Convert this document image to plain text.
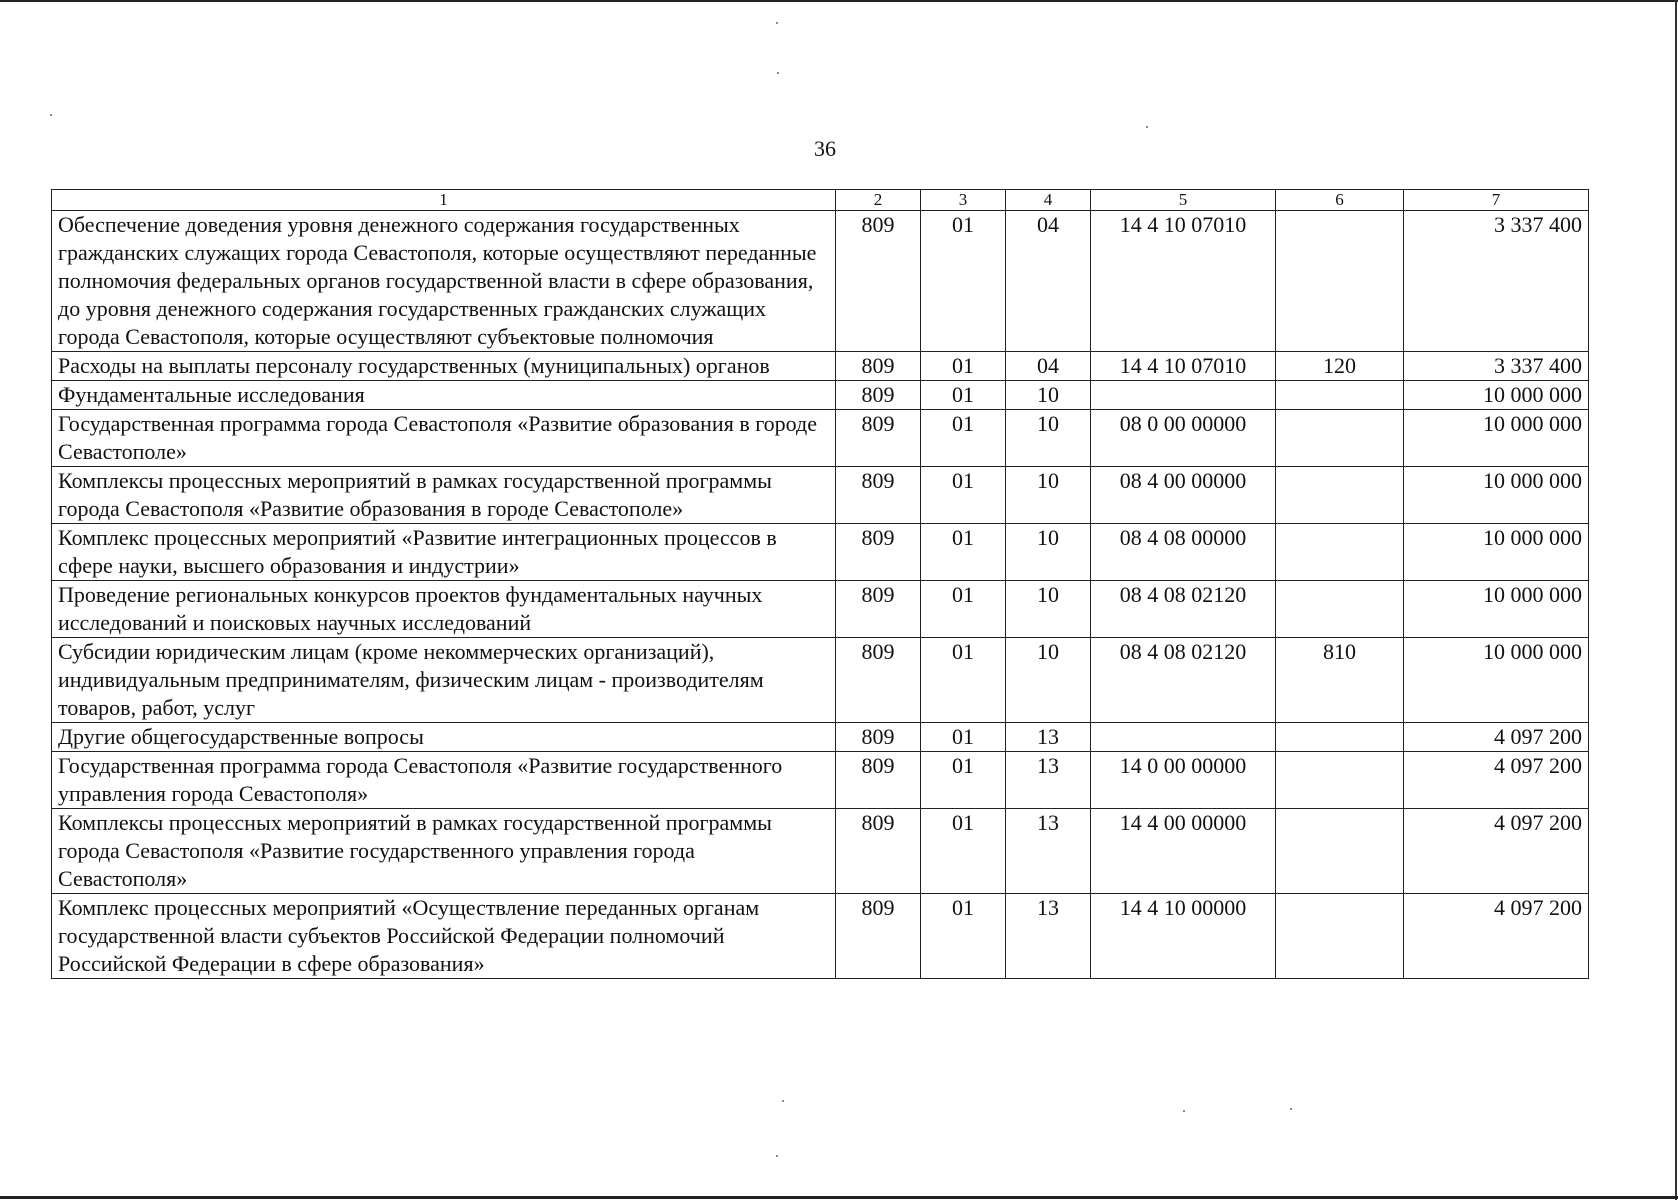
36
1	2	3	4	5	6	7
Обеспечение доведения уровня денежного содержания государственных гражданских служащих города Севастополя, которые осуществляют переданные полномочия федеральных органов государственной власти в сфере образования, до уровня денежного содержания государственных гражданских служащих города Севастополя, которые осуществляют субъектовые полномочия	809	01	04	14 4 10 07010		3 337 400
Расходы на выплаты персоналу государственных (муниципальных) органов	809	01	04	14 4 10 07010	120	3 337 400
Фундаментальные исследования	809	01	10			10 000 000
Государственная программа города Севастополя «Развитие образования в городе Севастополе»	809	01	10	08 0 00 00000		10 000 000
Комплексы процессных мероприятий в рамках государственной программы города Севастополя «Развитие образования в городе Севастополе»	809	01	10	08 4 00 00000		10 000 000
Комплекс процессных мероприятий «Развитие интеграционных процессов в сфере науки, высшего образования и индустрии»	809	01	10	08 4 08 00000		10 000 000
Проведение региональных конкурсов проектов фундаментальных научных исследований и поисковых научных исследований	809	01	10	08 4 08 02120		10 000 000
Субсидии юридическим лицам (кроме некоммерческих организаций), индивидуальным предпринимателям, физическим лицам - производителям товаров, работ, услуг	809	01	10	08 4 08 02120	810	10 000 000
Другие общегосударственные вопросы	809	01	13			4 097 200
Государственная программа города Севастополя «Развитие государственного управления города Севастополя»	809	01	13	14 0 00 00000		4 097 200
Комплексы процессных мероприятий в рамках государственной программы города Севастополя «Развитие государственного управления города Севастополя»	809	01	13	14 4 00 00000		4 097 200
Комплекс процессных мероприятий «Осуществление переданных органам государственной власти субъектов Российской Федерации полномочий Российской Федерации в сфере образования»	809	01	13	14 4 10 00000		4 097 200
